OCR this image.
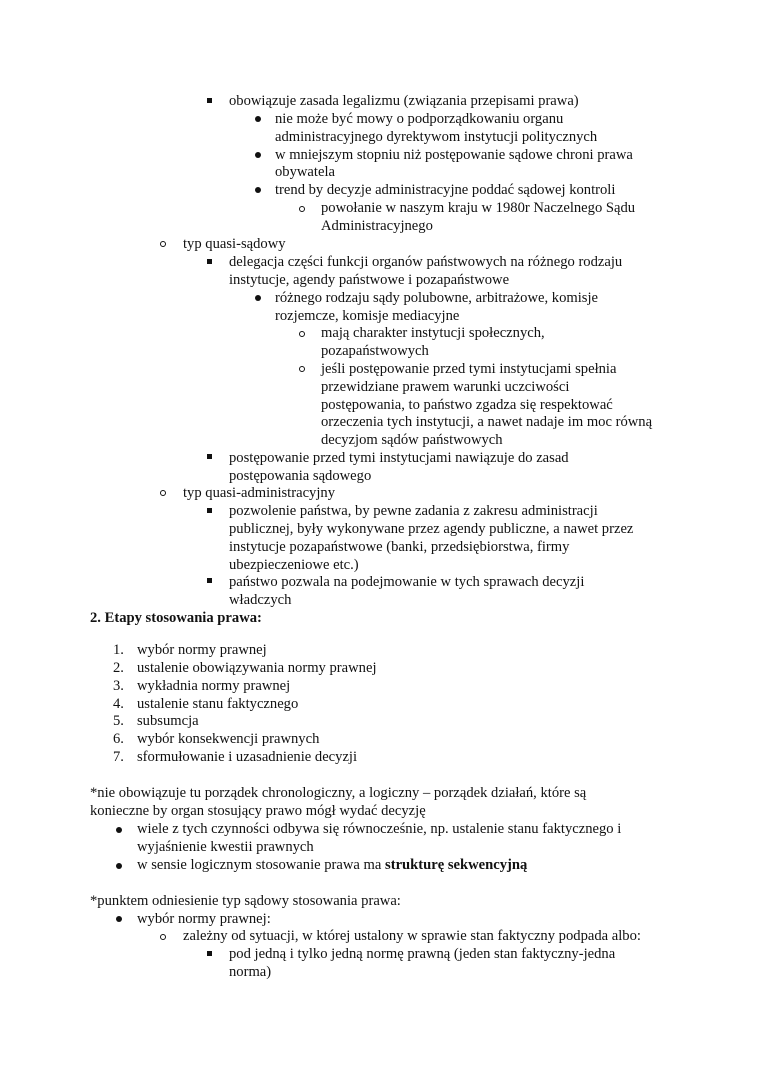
obowiązuje zasada legalizmu (związania przepisami prawa)
nie może być mowy o podporządkowaniu organu
administracyjnego dyrektywom instytucji politycznych
w mniejszym stopniu niż postępowanie sądowe chroni prawa
obywatela
trend by decyzje administracyjne poddać sądowej kontroli
powołanie w naszym kraju w 1980r Naczelnego Sądu
Administracyjnego
typ quasi-sądowy
delegacja części funkcji organów państwowych na różnego rodzaju
instytucje, agendy państwowe i pozapaństwowe
różnego rodzaju sądy polubowne, arbitrażowe, komisje
rozjemcze, komisje mediacyjne
mają charakter instytucji społecznych,
pozapaństwowych
jeśli postępowanie przed tymi instytucjami spełnia
przewidziane prawem warunki uczciwości
postępowania, to państwo zgadza się respektować
orzeczenia tych instytucji, a nawet nadaje im moc równą
decyzjom sądów państwowych
postępowanie przed tymi instytucjami nawiązuje do zasad
postępowania sądowego
typ quasi-administracyjny
pozwolenie państwa, by pewne zadania z zakresu administracji
publicznej, były wykonywane przez agendy publiczne, a nawet przez
instytucje pozapaństwowe (banki, przedsiębiorstwa, firmy
ubezpieczeniowe etc.)
państwo pozwala na podejmowanie w tych sprawach decyzji
władczych
2. Etapy stosowania prawa:
1. wybór normy prawnej
2. ustalenie obowiązywania normy prawnej
3. wykładnia normy prawnej
4. ustalenie stanu faktycznego
5. subsumcja
6. wybór konsekwencji prawnych
7. sformułowanie i uzasadnienie decyzji
*nie obowiązuje tu porządek chronologiczny, a logiczny – porządek działań, które są
konieczne by organ stosujący prawo mógł wydać decyzję
wiele z tych czynności odbywa się równocześnie, np. ustalenie stanu faktycznego i
wyjaśnienie kwestii prawnych
w sensie logicznym stosowanie prawa ma strukturę sekwencyjną
*punktem odniesienie typ sądowy stosowania prawa:
wybór normy prawnej:
zależny od sytuacji, w której ustalony w sprawie stan faktyczny podpada albo:
pod jedną i tylko jedną normę prawną (jeden stan faktyczny-jedna
norma)
